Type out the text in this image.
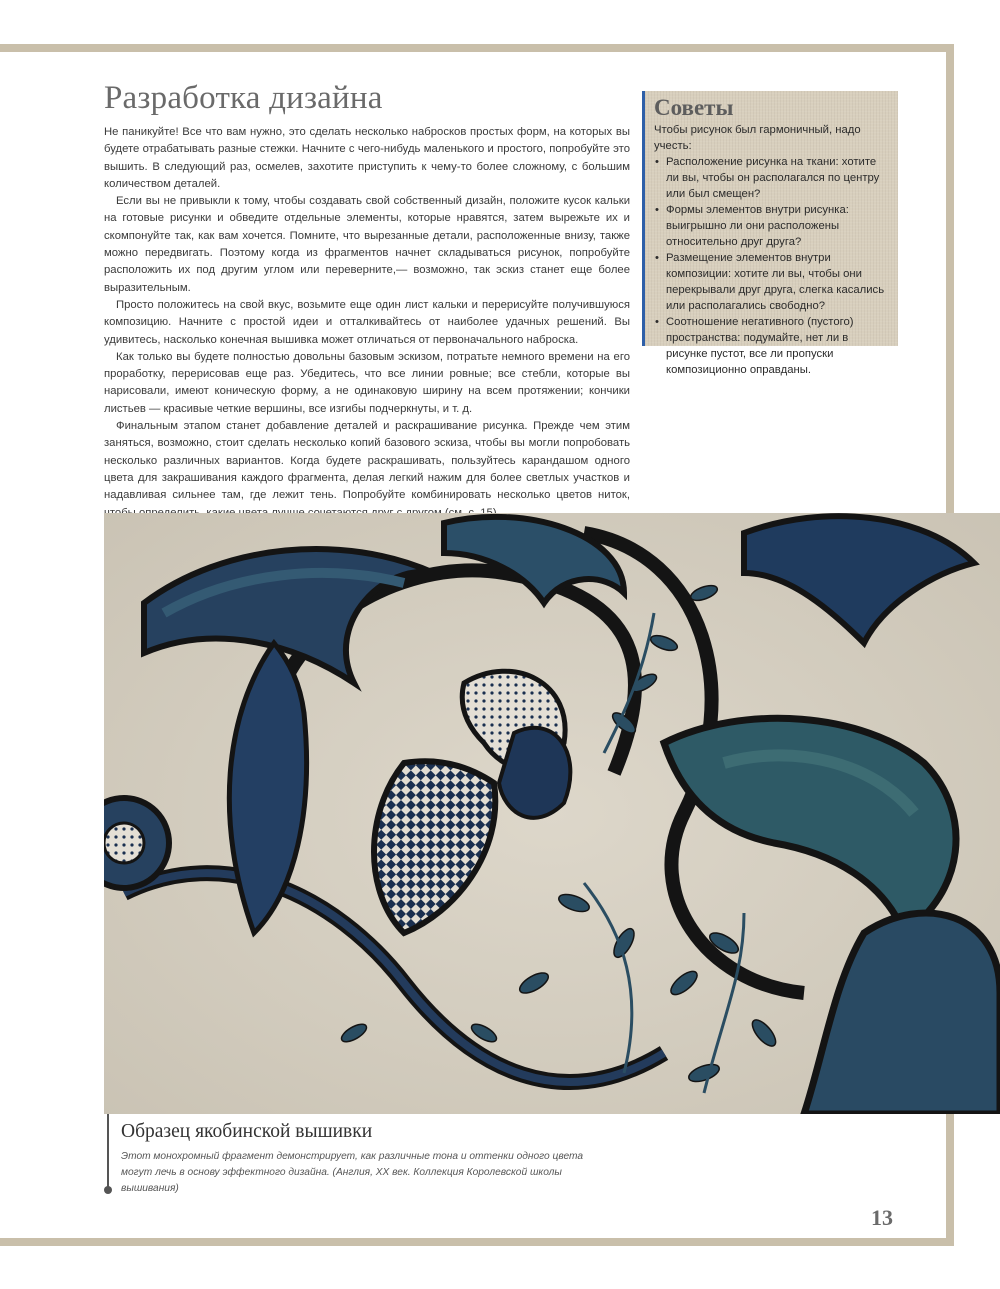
Разработка дизайна

Не паникуйте! Все что вам нужно, это сделать несколько набросков простых форм, на которых вы будете отрабатывать разные стежки. Начните с чего-нибудь маленького и простого, попробуйте это вышить. В следующий раз, осмелев, захотите приступить к чему-то более сложному, с большим количеством деталей.

Если вы не привыкли к тому, чтобы создавать свой собственный дизайн, положите кусок кальки на готовые рисунки и обведите отдельные элементы, которые нравятся, затем вырежьте их и скомпонуйте так, как вам хочется. Помните, что вырезанные детали, расположенные внизу, также можно передвигать. Поэтому когда из фрагментов начнет складываться рисунок, попробуйте расположить их под другим углом или переверните,— возможно, так эскиз станет еще более выразительным.

Просто положитесь на свой вкус, возьмите еще один лист кальки и перерисуйте получившуюся композицию. Начните с простой идеи и отталкивайтесь от наиболее удачных решений. Вы удивитесь, насколько конечная вышивка может отличаться от первоначального наброска.

Как только вы будете полностью довольны базовым эскизом, потратьте немного времени на его проработку, перерисовав еще раз. Убедитесь, что все линии ровные; все стебли, которые вы нарисовали, имеют коническую форму, а не одинаковую ширину на всем протяжении; кончики листьев — красивые четкие вершины, все изгибы подчеркнуты, и т. д.

Финальным этапом станет добавление деталей и раскрашивание рисунка. Прежде чем этим заняться, возможно, стоит сделать несколько копий базового эскиза, чтобы вы могли попробовать несколько различных вариантов. Когда будете раскрашивать, пользуйтесь карандашом одного цвета для закрашивания каждого фрагмента, делая легкий нажим для более светлых участков и надавливая сильнее там, где лежит тень. Попробуйте комбинировать несколько цветов ниток,

Советы

Чтобы рисунок был гармоничный, надо учесть:

• Расположение рисунка на ткани: хотите ли вы, чтобы он располагался по центру или был смещен?
• Формы элементов внутри рисунка: выигрышно ли они расположены относительно друг друга?
• Размещение элементов внутри композиции: хотите ли вы, чтобы они перекрывали друг друга, слегка касались или располагались свободно?
• Соотношение негативного (пустого) пространства: подумайте, нет ли в рисунке пустот, все ли пропуски композиционно оправданы.
Образец якобинской вышивки
Этот монохромный фрагмент демонстрирует, как различные тона и оттенки одного цвета могут лечь в основу эффектного дизайна. (Англия, XX век. Коллекция Королевской школы вышивания)
13
